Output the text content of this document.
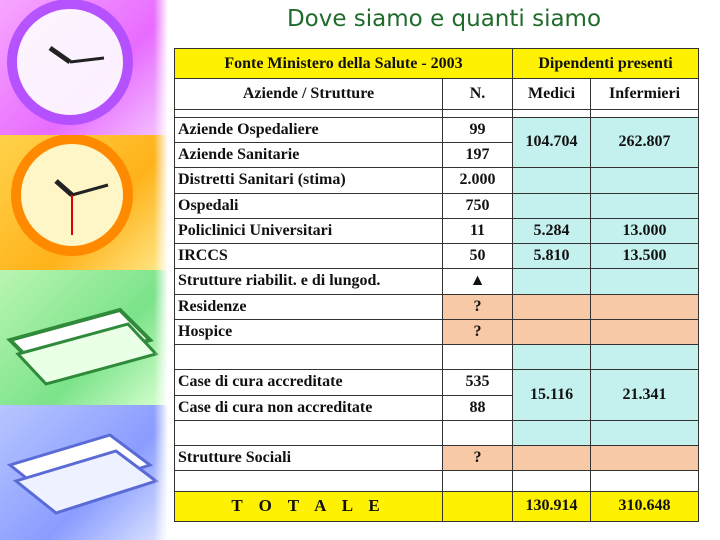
Dove siamo e quanti siamo
Fonte Ministero della Salute - 2003		Dipendenti presenti	
Aziende / Strutture	N.	Medici	Infermieri

Aziende Ospedaliere	99	104.704	262.807
Aziende Sanitarie	197		
Distretti Sanitari (stima)	2.000		
Ospedali	750		
Policlinici Universitari	11	5.284	13.000
IRCCS	50	5.810	13.500
Strutture riabilit. e di lungod.	▲		
Residenze	?		
Hospice	?		

Case di cura accreditate	535	15.116	21.341
Case di cura non accreditate	88		

Strutture Sociali	?		

T O T A L E		130.914	310.648
